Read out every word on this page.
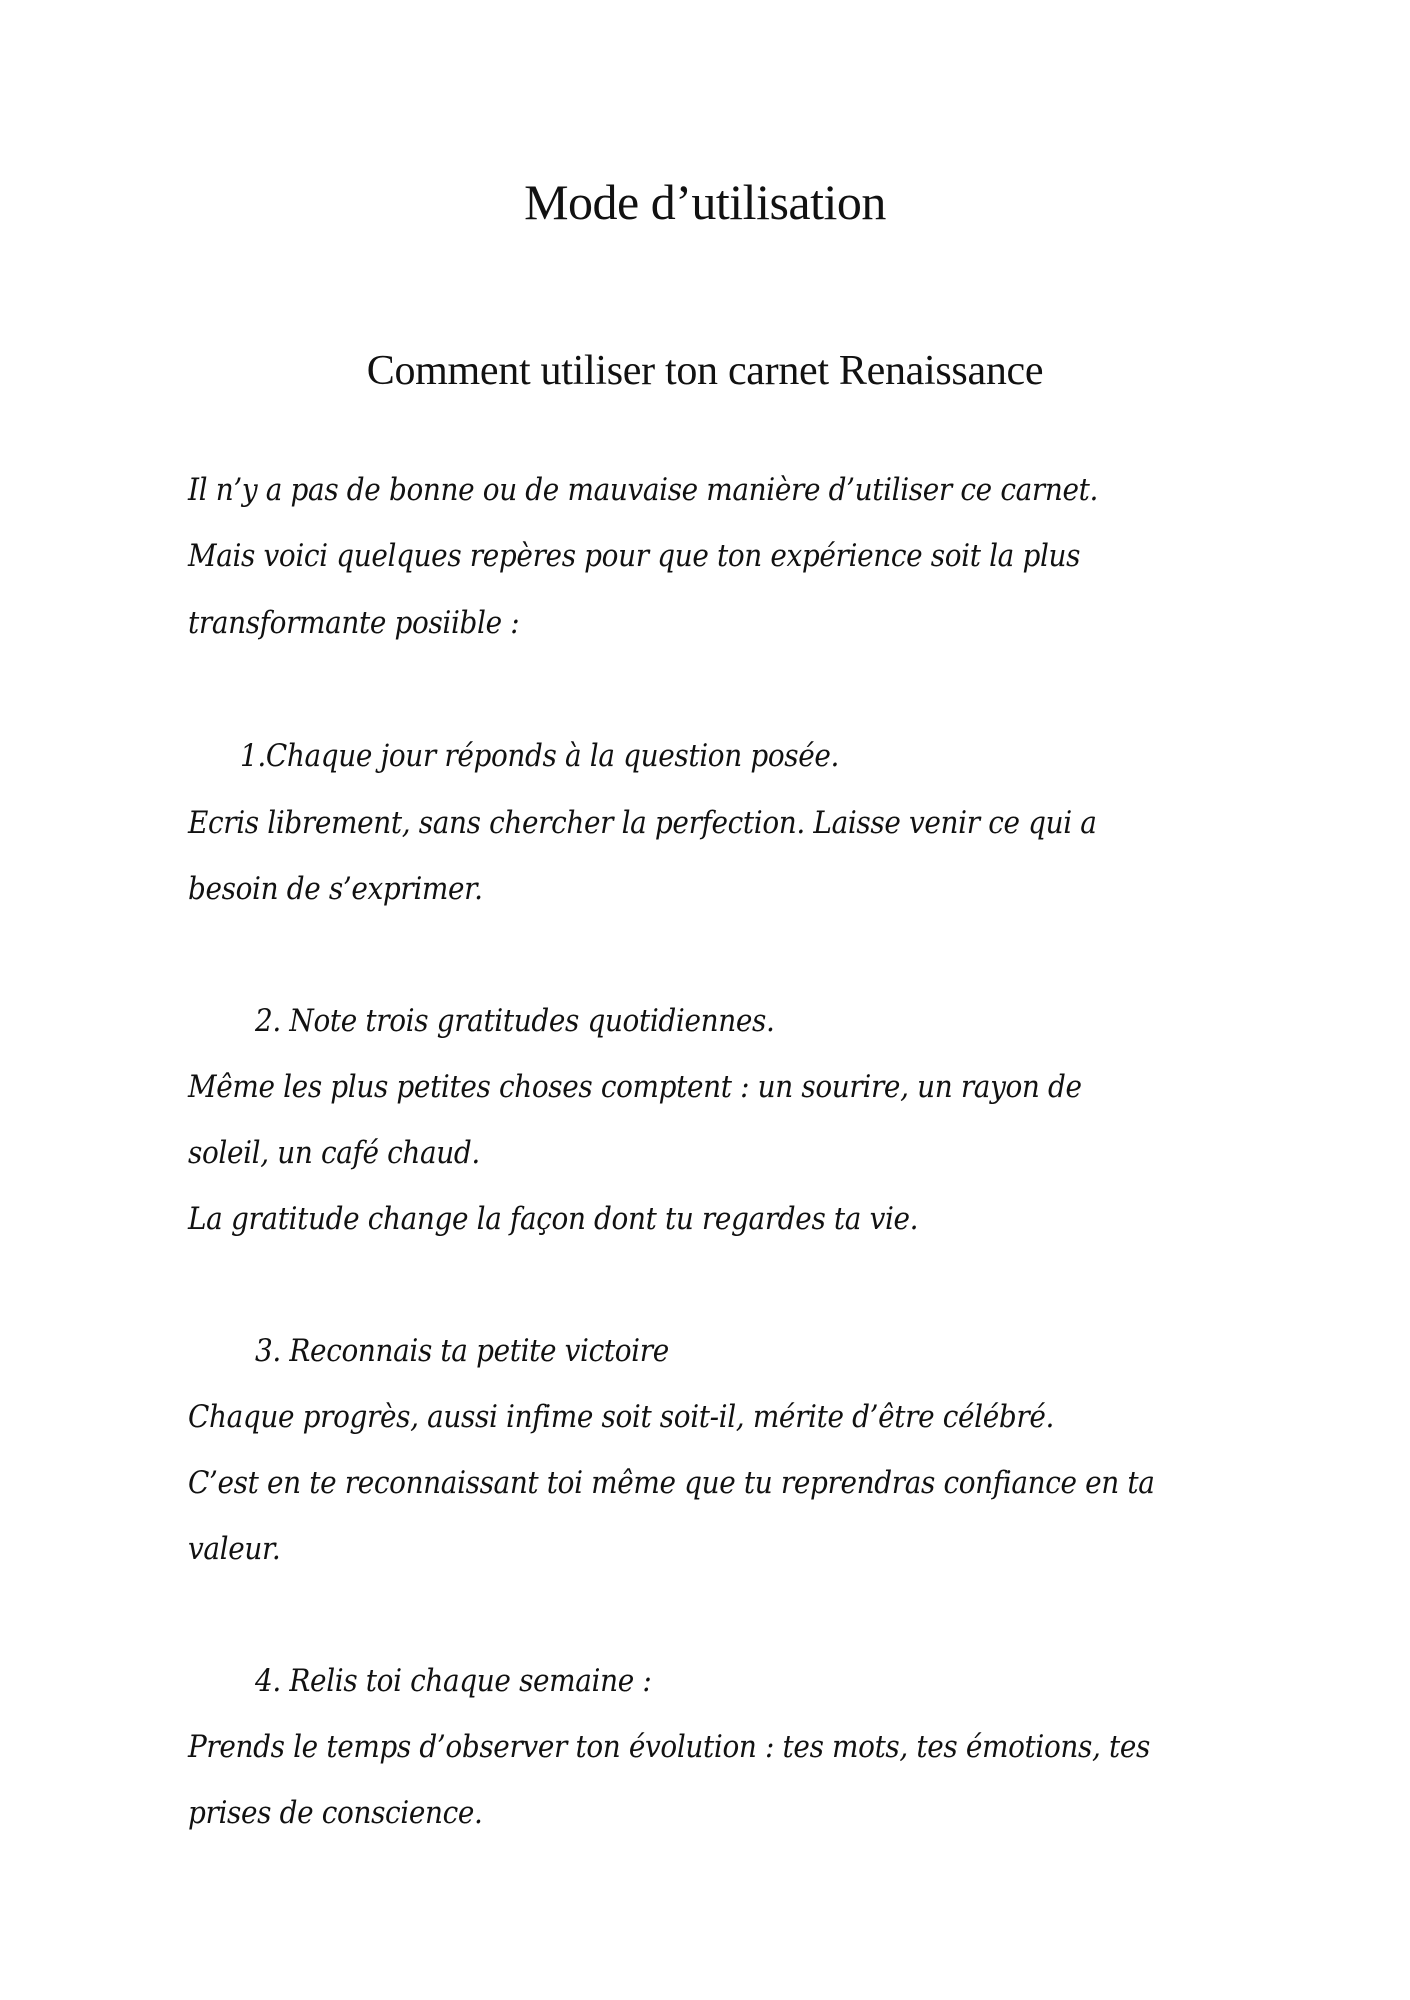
Mode d’utilisation
Comment utiliser ton carnet Renaissance
Il n’y a pas de bonne ou de mauvaise manière d’utiliser ce carnet.
Mais voici quelques repères pour que ton expérience soit la plus
transformante posiible :
1.Chaque jour réponds à la question posée.
Ecris librement, sans chercher la perfection. Laisse venir ce qui a
besoin de s’exprimer.
2. Note trois gratitudes quotidiennes.
Même les plus petites choses comptent : un sourire, un rayon de
soleil, un café chaud.
La gratitude change la façon dont tu regardes ta vie.
3. Reconnais ta petite victoire
Chaque progrès, aussi infime soit soit-il, mérite d’être célébré.
C’est en te reconnaissant toi même que tu reprendras confiance en ta
valeur.
4. Relis toi chaque semaine :
Prends le temps d’observer ton évolution : tes mots, tes émotions, tes
prises de conscience.
